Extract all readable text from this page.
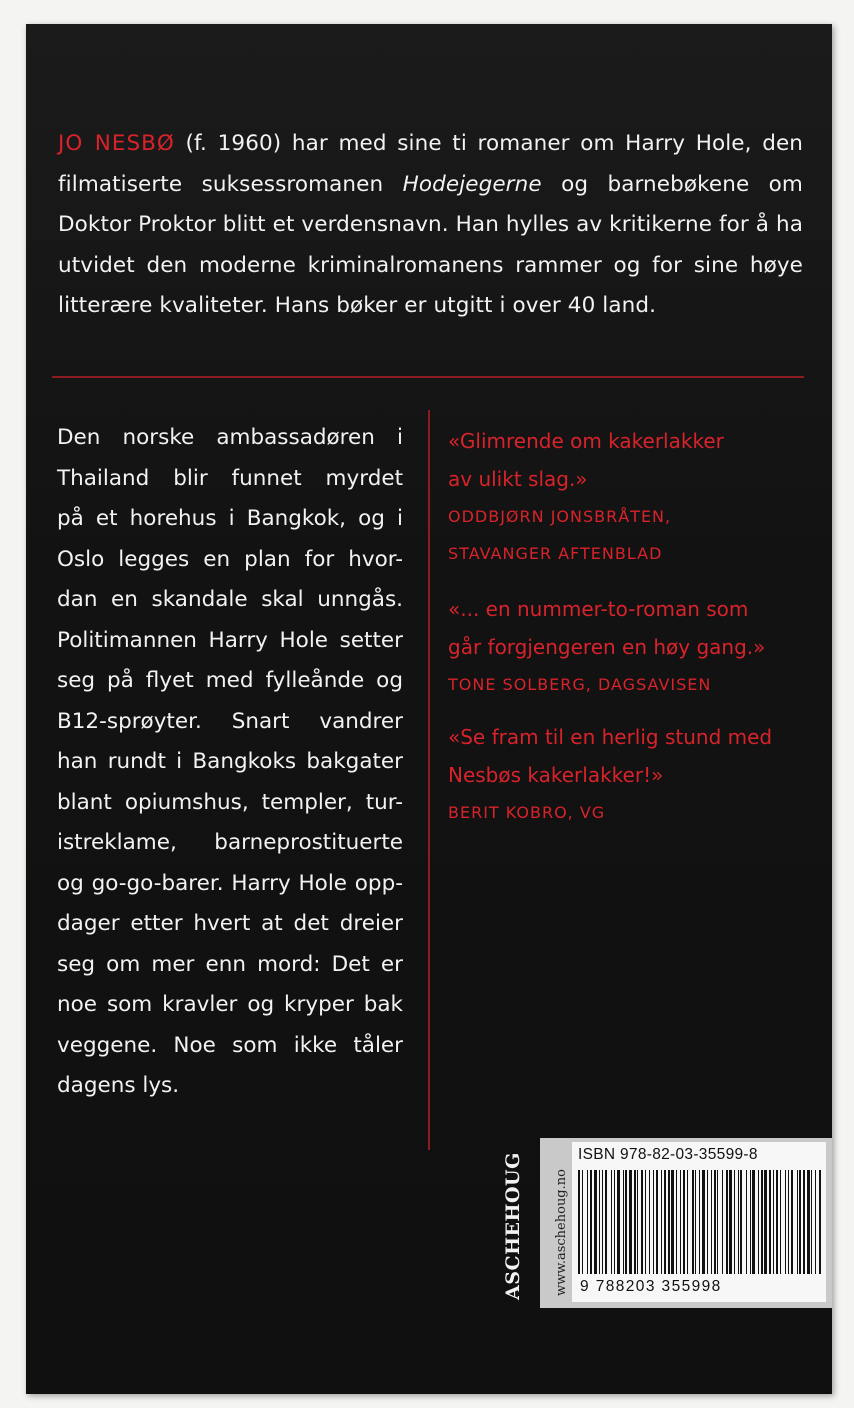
JO NESBØ (f. 1960) har med sine ti romaner om Harry Hole, den filmatiserte suksessromanen Hodejegerne og barnebøkene om Doktor Proktor blitt et verdensnavn. Han hylles av kritikerne for å ha utvidet den moderne kriminalromanens rammer og for sine høye litterære kvaliteter. Hans bøker er utgitt i over 40 land.

Den norske ambassadøren i
Thailand blir funnet myrdet
på et horehus i Bangkok, og i
Oslo legges en plan for hvor-
dan en skandale skal unngås.
Politimannen Harry Hole setter
seg på flyet med fylleånde og
B12-sprøyter. Snart vandrer
han rundt i Bangkoks bakgater
blant opiumshus, templer, tur-
istreklame, barneprostituerte
og go-go-barer. Harry Hole opp-
dager etter hvert at det dreier
seg om mer enn mord: Det er
noe som kravler og kryper bak
veggene. Noe som ikke tåler
dagens lys.
«Glimrende om kakerlakker
av ulikt slag.»
ODDBJØRN JONSBRÅTEN,
STAVANGER AFTENBLAD
«... en nummer-to-roman som
går forgjengeren en høy gang.»
TONE SOLBERG, DAGSAVISEN
«Se fram til en herlig stund med
Nesbøs kakerlakker!»
BERIT KOBRO, VG
ASCHEHOUG www.aschehoug.no
ISBN 978-82-03-35599-8
9 788203 355998
